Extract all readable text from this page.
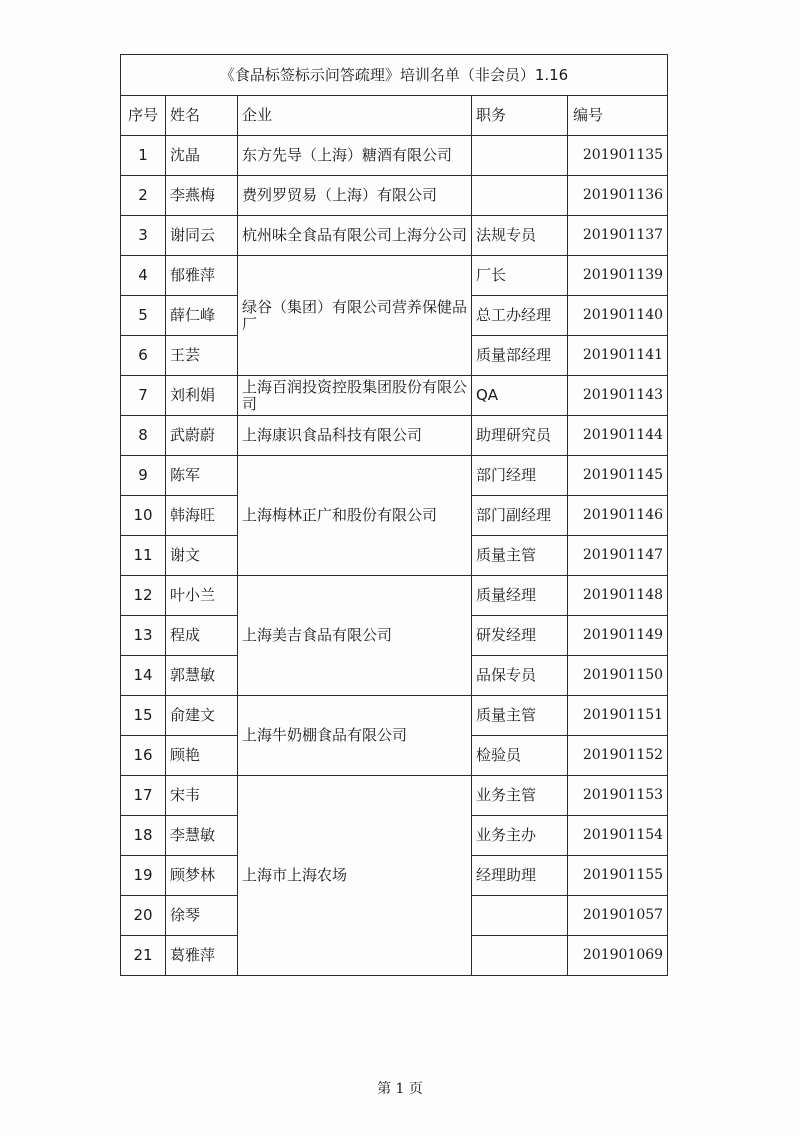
《食品标签标示问答疏理》培训名单（非会员）1.16				
序号	姓名	企业	职务	编号
1	沈晶	东方先导（上海）糖酒有限公司		201901135
2	李燕梅	费列罗贸易（上海）有限公司		201901136
3	谢同云	杭州味全食品有限公司上海分公司	法规专员	201901137
4	郁雅萍	绿谷（集团）有限公司营养保健品厂	厂长	201901139
5	薛仁峰		总工办经理	201901140
6	王芸		质量部经理	201901141
7	刘利娟	上海百润投资控股集团股份有限公司	QA	201901143
8	武蔚蔚	上海康识食品科技有限公司	助理研究员	201901144
9	陈军	上海梅林正广和股份有限公司	部门经理	201901145
10	韩海旺		部门副经理	201901146
11	谢文		质量主管	201901147
12	叶小兰	上海美吉食品有限公司	质量经理	201901148
13	程成		研发经理	201901149
14	郭慧敏		品保专员	201901150
15	俞建文	上海牛奶棚食品有限公司	质量主管	201901151
16	顾艳		检验员	201901152
17	宋韦	上海市上海农场	业务主管	201901153
18	李慧敏		业务主办	201901154
19	顾梦林		经理助理	201901155
20	徐琴			201901057
21	葛雅萍			201901069
第 1 页
